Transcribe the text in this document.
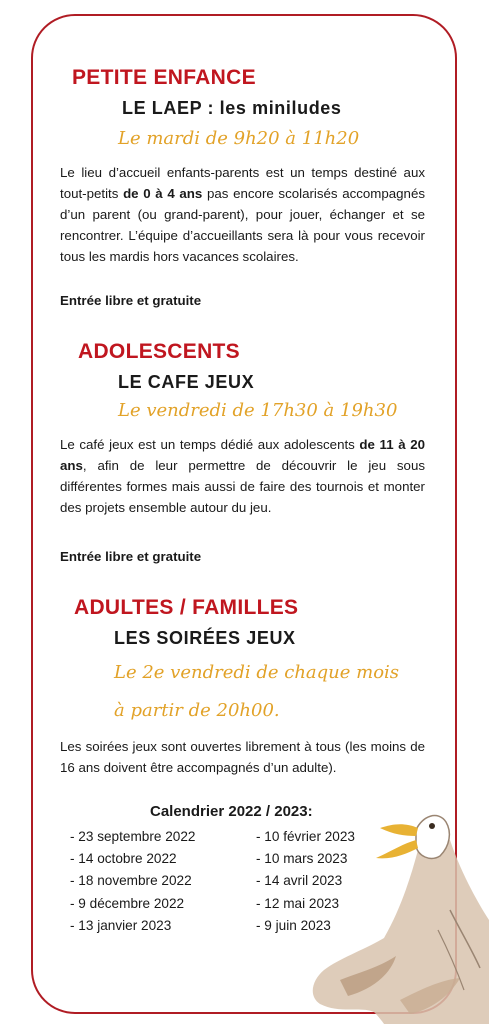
PETITE ENFANCE
LE LAEP : les miniludes
Le mardi de 9h20 à 11h20

Le lieu d’accueil enfants-parents est un temps destiné aux tout-petits de 0 à 4 ans pas encore scolarisés accompagnés d’un parent (ou grand-parent), pour jouer, échanger et se rencontrer. L’équipe d’accueillants sera là pour vous recevoir tous les mardis hors vacances scolaires.

Entrée libre et gratuite
ADOLESCENTS
LE CAFE JEUX
Le vendredi de 17h30 à 19h30

Le café jeux est un temps dédié aux adolescents de 11 à 20 ans, afin de leur permettre de découvrir le jeu sous différentes formes mais aussi de faire des tournois et monter des projets ensemble autour du jeu.

Entrée libre et gratuite
ADULTES / FAMILLES
LES SOIRÉES JEUX
Le 2e vendredi de chaque mois
à partir de 20h00.

Les soirées jeux sont ouvertes librement à tous (les moins de 16 ans doivent être accompagnés d’un adulte).

Calendrier 2022 / 2023:
- 23 septembre 2022
- 14 octobre 2022
- 18 novembre 2022
- 9 décembre 2022
- 13 janvier 2023
- 10 février 2023
- 10 mars 2023
- 14 avril 2023
- 12 mai 2023
- 9 juin 2023
